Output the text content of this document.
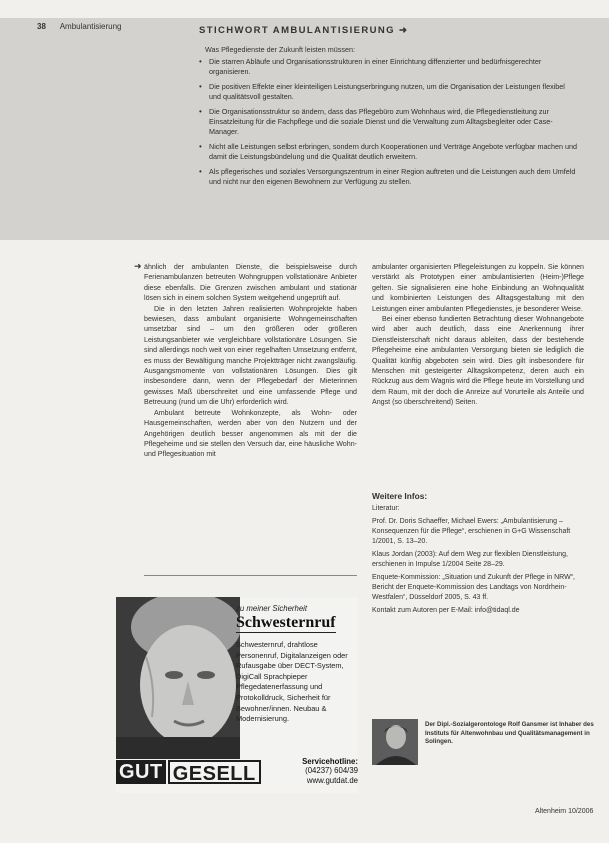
38 Ambulantisierung	STICHWORT AMBULANTISIERUNG ➜
Was Pflegedienste der Zukunft leisten müssen:
• Die starren Abläufe und Organisationsstrukturen in einer Einrichtung diffenzierter und bedürfnisgerechter organisieren.
• Die positiven Effekte einer kleinteiligen Leistungserbringung nutzen, um die Organisation der Leistungen flexibel und qualitätsvoll gestalten.
• Die Organisationsstruktur so ändern, dass das Pflegebüro zum Wohnhaus wird, die Pflegedienstleitung zur Einsatzleitung für die Fachpflege und die soziale Dienst und die Verwaltung zum Alltagsbegleiter oder Case-Manager.
• Nicht alle Leistungen selbst erbringen, sondern durch Kooperationen und Verträge Angebote verfügbar machen und damit die Leistungsbündelung und die Qualität deutlich erweitern.
• Als pflegerisches und soziales Versorgungszentrum in einer Region auftreten und die Leistungen auch dem Umfeld und nicht nur den eigenen Bewohnern zur Verfügung zu stellen.
➜ ähnlich der ambulanten Dienste, die beispielsweise durch Ferienambulanzen betreuten Wohngruppen vollstationäre Anbieter diese ebenfalls. Die Grenzen zwischen ambulant und stationär lösen sich in einem solchen System weitgehend ungeprüft auf.

Die in den letzten Jahren realisierten Wohnprojekte haben bewiesen, dass ambulant organisierte Wohngemeinschaften umsetzbar sind – um den größeren oder größeren Leistungsanbieter wie vergleichbare vollstationäre Lösungen. Sie sind allerdings noch weit von einer regelhaften Umsetzung entfernt, es muss der Bewältigung manche Projektträger nicht zwangsläufig. Ausgangsmomente von vollstationären Lösungen. Dies gilt insbesondere dann, wenn der Pflegebedarf der Mieterinnen gewisses Maß überschreitet und eine umfassende Pflege und Betreuung (rund um die Uhr) erforderlich wird.

Ambulant betreute Wohnkonzepte, als Wohn- oder Hausgemeinschaften, werden aber von den Nutzern und der Angehörigen deutlich besser angenommen als mit der die Pflegeheime und sie stellen den Versuch dar, eine häusliche Wohn- und Pflegesituation mit

ambulanter organisierten Pflegeleistungen zu koppeln. Sie können verstärkt als Prototypen einer ambulantisierten (Heim-)Pflege gelten. Sie signalisieren eine hohe Einbindung an Wohnqualität und kombinierten Leistungen des Alltagsgestaltung mit den Leistungen einer ambulanten Pflegedienstes, je besonderer Weise.

Bei einer ebenso fundierten Betrachtung dieser Wohnangebote wird aber auch deutlich, dass eine Anerkennung ihrer Dienstleisterschaft nicht daraus ableiten, dass der bestehende Pflegeheime eine ambulanten Versorgung bieten sie lediglich die Qualität künftig abgeboten sein wird. Dies gilt insbesondere für Menschen mit gesteigerter Alltagskompetenz, deren auch ein Rückzug aus dem Wagnis wird die Pflege heute im Vorstellung und dem Raum, mit der doch die Anreize auf Vorurteile als Anteile und Angst (so überschreitend) Seiten.

Weitere Infos:
Literatur:

Prof. Dr. Doris Schaeffer, Michael Ewers: „Ambulantisierung – Konsequenzen für die Pflege“, erschienen in G+G Wissenschaft 1/2001, S. 13–20.

Klaus Jordan (2003): Auf dem Weg zur flexiblen Dienstleistung, erschienen in Impulse 1/2004 Seite 28–29.

Enquete-Kommission: „Situation und Zukunft der Pflege in NRW“, Bericht der Enquete-Kommission des Landtags von Nordrhein-Westfalen“, Düsseldorf 2005, S. 43 ff.

Kontakt zum Autoren per E-Mail: info@tidaql.de

zu meiner Sicherheit
Schwesternruf
Schwesternruf, drahtlose Personenruf, Digitalanzeigen oder Rufausgabe über DECT-System, DigiCall Sprachpieper Pflegedatenerfassung und Protokolldruck, Sicherheit für Bewohner/innen. Neubau & Modernisierung.
GUT GESELL
Servicehotline:
(04237) 604/39
www.gutdat.de
Der Dipl.-Sozialgerontologe Rolf Gansmer ist Inhaber des Instituts für Altenwohnbau und Qualitätsmanagement in Solingen.
Altenheim 10/2006
